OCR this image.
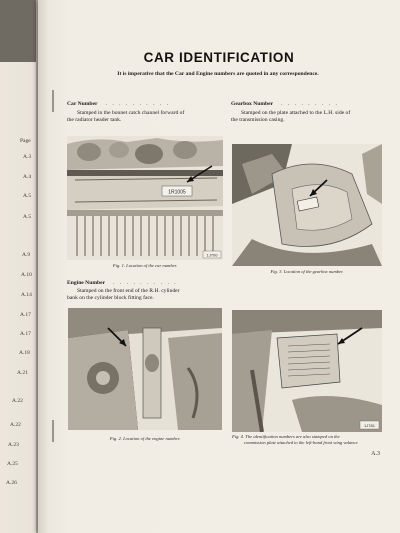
Page
A.3
A.4
A.5
A.5
A.9
A.10
A.14
A.17
A.17
A.18
A.21
A.22
A.22
A.23
A.25
A.26
CAR IDENTIFICATION
It is imperative that the Car and Engine numbers are quoted in any correspondence.
Car Number . . . . . . . . . .
Stamped in the bonnet catch channel forward of
the radiator header tank.
1R1005
1J700
Fig. 1. Location of the car number.
Gearbox Number . . . . . . . . .
Stamped on the plate attached to the L.H. side of
the transmission casing.
Fig. 3. Location of the gearbox number.
Engine Number . . . . . . . . . .
Stamped on the front end of the R.H. cylinder
bank on the cylinder block fitting face.
Fig. 2. Location of the engine number.
1J781
Fig. 4. The identification numbers are also stamped on the
commission plate attached to the left-hand front wing valance
A.3
